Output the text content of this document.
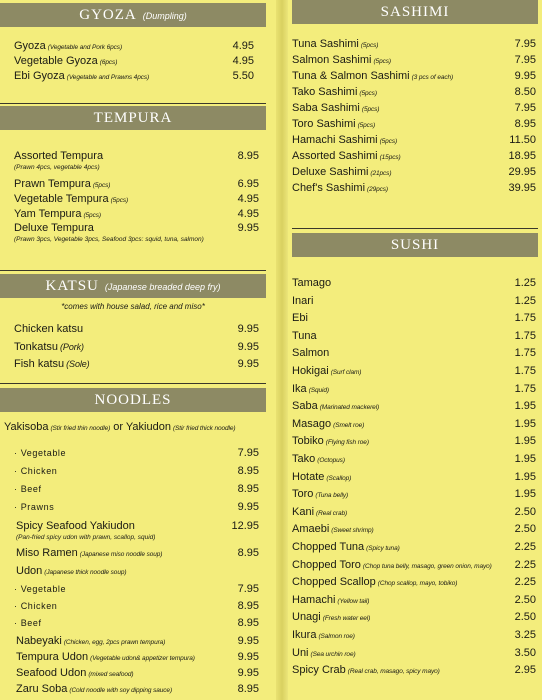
GYOZA (Dumpling)
Gyoza (Vegetable and Pork 6pcs)	4.95
Vegetable Gyoza (6pcs)	4.95
Ebi Gyoza (Vegetable and Prawns 4pcs)	5.50
TEMPURA
Assorted Tempura	8.95
(Prawn 4pcs, vegetable 4pcs)
Prawn Tempura (5pcs)	6.95
Vegetable Tempura (5pcs)	4.95
Yam Tempura (5pcs)	4.95
Deluxe Tempura	9.95
(Prawn 3pcs, Vegetable 3pcs, Seafood 3pcs: squid, tuna, salmon)
KATSU (Japanese breaded deep fry)
*comes with house salad, rice and miso*
Chicken katsu	9.95
Tonkatsu (Pork)	9.95
Fish katsu (Sole)	9.95
NOODLES
Yakisoba (Stir fried thin noodle) or Yakiudon (Stir fried thick noodle)
· Vegetable	7.95
· Chicken	8.95
· Beef	8.95
· Prawns	9.95
Spicy Seafood Yakiudon	12.95
(Pan-fried spicy udon with prawn, scallop, squid)
Miso Ramen (Japanese miso noodle soup)	8.95
Udon (Japanese thick noodle soup)
· Vegetable	7.95
· Chicken	8.95
· Beef	8.95
Nabeyaki (Chicken, egg, 2pcs prawn tempura)	9.95
Tempura Udon (Vegetable udon& appetizer tempura)	9.95
Seafood Udon (mixed seafood)	9.95
Zaru Soba (Cold noodle with soy dipping sauce)	8.95
SASHIMI
Tuna Sashimi (5pcs)	7.95
Salmon Sashimi (5pcs)	7.95
Tuna & Salmon Sashimi (3 pcs of each)	9.95
Tako Sashimi (5pcs)	8.50
Saba Sashimi (5pcs)	7.95
Toro Sashimi (5pcs)	8.95
Hamachi Sashimi (5pcs)	11.50
Assorted Sashimi (15pcs)	18.95
Deluxe Sashimi (21pcs)	29.95
Chef's Sashimi (29pcs)	39.95
SUSHI
Tamago	1.25
Inari	1.25
Ebi	1.75
Tuna	1.75
Salmon	1.75
Hokigai (Surf clam)	1.75
Ika (Squid)	1.75
Saba (Marinated mackerel)	1.95
Masago (Smelt roe)	1.95
Tobiko (Flying fish roe)	1.95
Tako (Octopus)	1.95
Hotate (Scallop)	1.95
Toro (Tuna belly)	1.95
Kani (Real crab)	2.50
Amaebi (Sweet shrimp)	2.50
Chopped Tuna (Spicy tuna)	2.25
Chopped Toro (Chop tuna belly, masago, green onion, mayo)	2.25
Chopped Scallop (Chop scallop, mayo, tobiko)	2.25
Hamachi (Yellow tail)	2.50
Unagi (Fresh water eel)	2.50
Ikura (Salmon roe)	3.25
Uni (Sea urchin roe)	3.50
Spicy Crab (Real crab, masago, spicy mayo)	2.95
